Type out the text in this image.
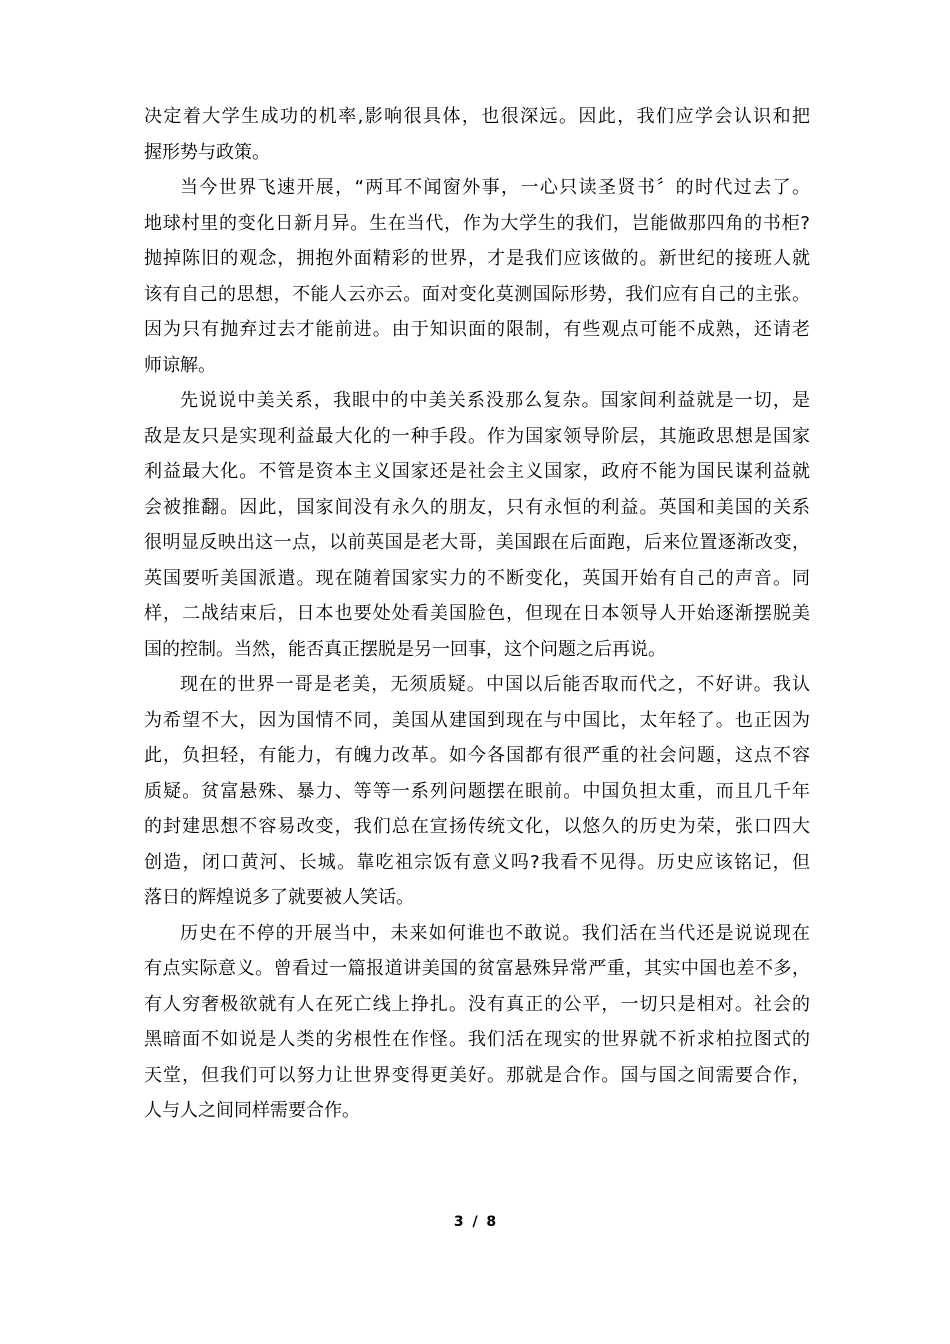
决定着大学生成功的机率,影响很具体，也很深远。因此，我们应学会认识和把
握形势与政策。
当今世界飞速开展，“两耳不闻窗外事，一心只读圣贤书〞的时代过去了。
地球村里的变化日新月异。生在当代，作为大学生的我们，岂能做那四角的书柜?
抛掉陈旧的观念，拥抱外面精彩的世界，才是我们应该做的。新世纪的接班人就
该有自己的思想，不能人云亦云。面对变化莫测国际形势，我们应有自己的主张。
因为只有抛弃过去才能前进。由于知识面的限制，有些观点可能不成熟，还请老
师谅解。
先说说中美关系，我眼中的中美关系没那么复杂。国家间利益就是一切，是
敌是友只是实现利益最大化的一种手段。作为国家领导阶层，其施政思想是国家
利益最大化。不管是资本主义国家还是社会主义国家，政府不能为国民谋利益就
会被推翻。因此，国家间没有永久的朋友，只有永恒的利益。英国和美国的关系
很明显反映出这一点，以前英国是老大哥，美国跟在后面跑，后来位置逐渐改变，
英国要听美国派遣。现在随着国家实力的不断变化，英国开始有自己的声音。同
样，二战结束后，日本也要处处看美国脸色，但现在日本领导人开始逐渐摆脱美
国的控制。当然，能否真正摆脱是另一回事，这个问题之后再说。
现在的世界一哥是老美，无须质疑。中国以后能否取而代之，不好讲。我认
为希望不大，因为国情不同，美国从建国到现在与中国比，太年轻了。也正因为
此，负担轻，有能力，有魄力改革。如今各国都有很严重的社会问题，这点不容
质疑。贫富悬殊、暴力、等等一系列问题摆在眼前。中国负担太重，而且几千年
的封建思想不容易改变，我们总在宣扬传统文化，以悠久的历史为荣，张口四大
创造，闭口黄河、长城。靠吃祖宗饭有意义吗?我看不见得。历史应该铭记，但
落日的辉煌说多了就要被人笑话。
历史在不停的开展当中，未来如何谁也不敢说。我们活在当代还是说说现在
有点实际意义。曾看过一篇报道讲美国的贫富悬殊异常严重，其实中国也差不多，
有人穷奢极欲就有人在死亡线上挣扎。没有真正的公平，一切只是相对。社会的
黑暗面不如说是人类的劣根性在作怪。我们活在现实的世界就不祈求柏拉图式的
天堂，但我们可以努力让世界变得更美好。那就是合作。国与国之间需要合作，
人与人之间同样需要合作。
3 / 8
